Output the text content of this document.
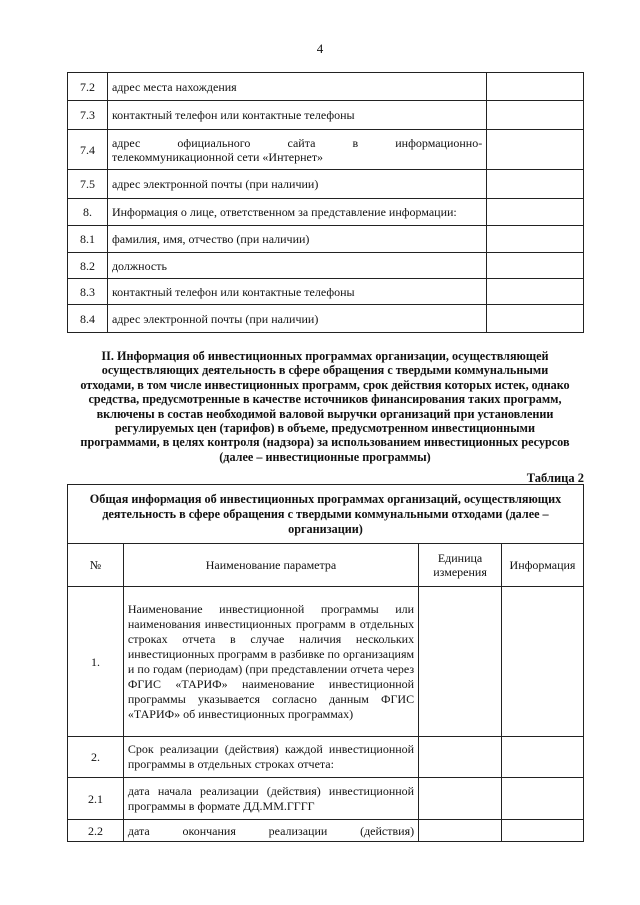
4
7.2	адрес места нахождения	
7.3	контактный телефон или контактные телефоны	
7.4	адрес официального сайта в информационно-
телекоммуникационной сети «Интернет»	
7.5	адрес электронной почты (при наличии)	
8.	Информация о лице, ответственном за представление информации:	
8.1	фамилия, имя, отчество (при наличии)	
8.2	должность	
8.3	контактный телефон или контактные телефоны	
8.4	адрес электронной почты (при наличии)	
II. Информация об инвестиционных программах организации, осуществляющей осуществляющих деятельность в сфере обращения с твердыми коммунальными отходами, в том числе инвестиционных программ, срок действия которых истек, однако средства, предусмотренные в качестве источников финансирования таких программ, включены в состав необходимой валовой выручки организаций при установлении регулируемых цен (тарифов) в объеме, предусмотренном инвестиционными программами, в целях контроля (надзора) за использованием инвестиционных ресурсов (далее – инвестиционные программы)
Таблица 2
Общая информация об инвестиционных программах организаций, осуществляющих деятельность в сфере обращения с твердыми коммунальными отходами (далее – организации)			
№	Наименование параметра	Единица измерения	Информация
1.	Наименование инвестиционной программы или наименования инвестиционных программ в отдельных строках отчета в случае наличия нескольких инвестиционных программ в разбивке по организациям и по годам (периодам) (при представлении отчета через ФГИС «ТАРИФ» наименование инвестиционной программы указывается согласно данным ФГИС «ТАРИФ» об инвестиционных программах)		
2.	Срок реализации (действия) каждой инвестиционной программы в отдельных строках отчета:		
2.1	дата начала реализации (действия) инвестиционной программы в формате ДД.ММ.ГГГГ		
2.2	дата окончания реализации (действия)		
